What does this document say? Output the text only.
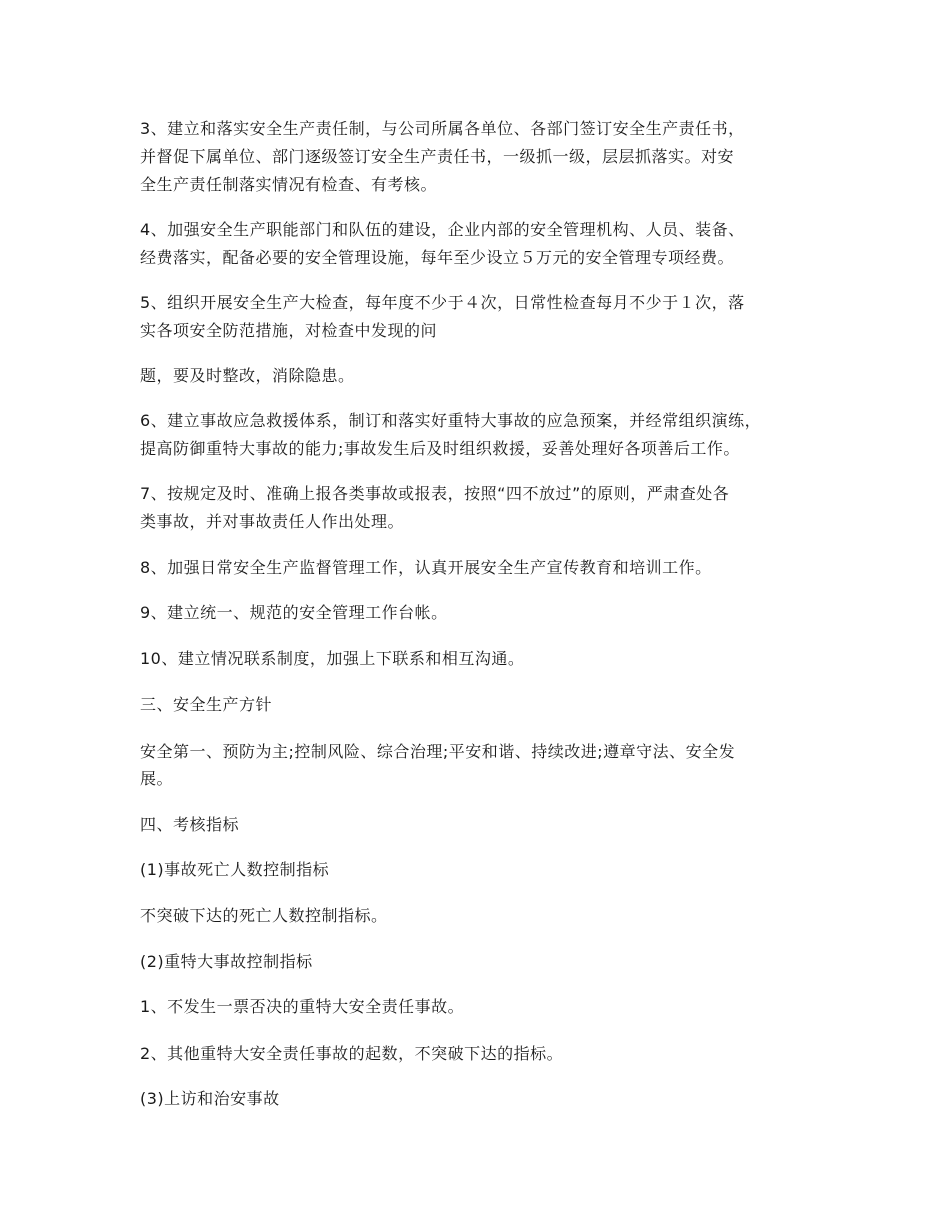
3、建立和落实安全生产责任制，与公司所属各单位、各部门签订安全生产责任书，
并督促下属单位、部门逐级签订安全生产责任书，一级抓一级，层层抓落实。对安
全生产责任制落实情况有检查、有考核。
4、加强安全生产职能部门和队伍的建设，企业内部的安全管理机构、人员、装备、
经费落实，配备必要的安全管理设施，每年至少设立５万元的安全管理专项经费。
5、组织开展安全生产大检查，每年度不少于４次，日常性检查每月不少于１次，落
实各项安全防范措施，对检查中发现的问
题，要及时整改，消除隐患。
6、建立事故应急救援体系，制订和落实好重特大事故的应急预案，并经常组织演练，
提高防御重特大事故的能力;事故发生后及时组织救援，妥善处理好各项善后工作。
7、按规定及时、准确上报各类事故或报表，按照“四不放过”的原则，严肃查处各
类事故，并对事故责任人作出处理。
8、加强日常安全生产监督管理工作，认真开展安全生产宣传教育和培训工作。
9、建立统一、规范的安全管理工作台帐。
10、建立情况联系制度，加强上下联系和相互沟通。
三、安全生产方针
安全第一、预防为主;控制风险、综合治理;平安和谐、持续改进;遵章守法、安全发
展。
四、考核指标
(1)事故死亡人数控制指标
不突破下达的死亡人数控制指标。
(2)重特大事故控制指标
1、不发生一票否决的重特大安全责任事故。
2、其他重特大安全责任事故的起数，不突破下达的指标。
(3)上访和治安事故
